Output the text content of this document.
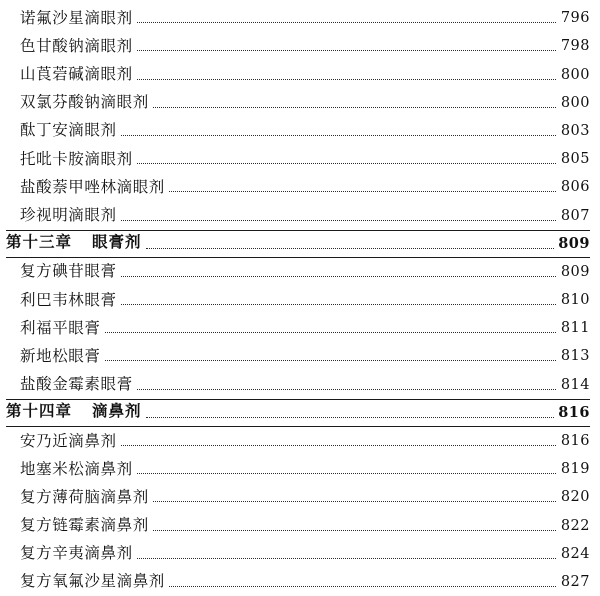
诺氟沙星滴眼剂	796
色甘酸钠滴眼剂	798
山莨菪碱滴眼剂	800
双氯芬酸钠滴眼剂	800
酞丁安滴眼剂	803
托吡卡胺滴眼剂	805
盐酸萘甲唑林滴眼剂	806
珍视明滴眼剂	807
第十三章	眼膏剂	809
复方碘苷眼膏	809
利巴韦林眼膏	810
利福平眼膏	811
新地松眼膏	813
盐酸金霉素眼膏	814
第十四章	滴鼻剂	816
安乃近滴鼻剂	816
地塞米松滴鼻剂	819
复方薄荷脑滴鼻剂	820
复方链霉素滴鼻剂	822
复方辛夷滴鼻剂	824
复方氧氟沙星滴鼻剂	827
